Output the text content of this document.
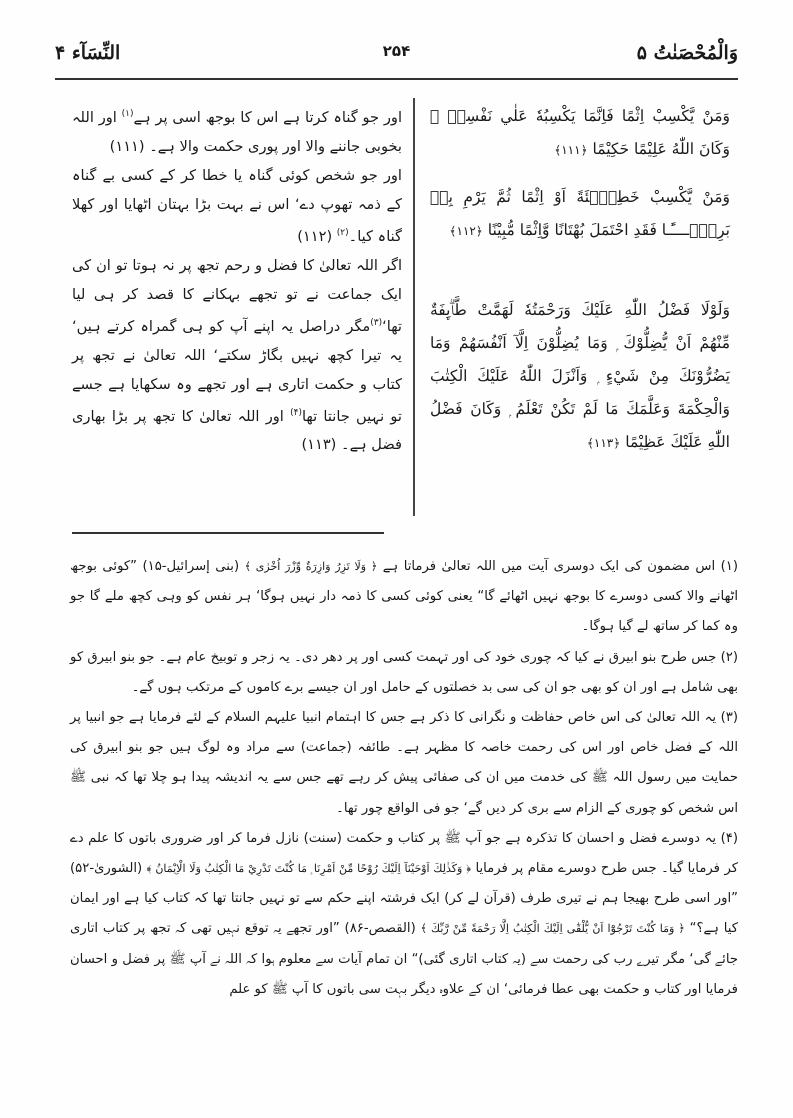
وَالْمُحْصَنٰتُ ۵
۲۵۴
النِّسَآء ۴

وَمَنْ يَّكْسِبْ اِثْمًا فَاِنَّمَا يَكْسِبُهٗ عَلٰي نَفْسِهٖ ۭ وَكَانَ اللّٰهُ عَلِيْمًا حَكِيْمًا ﴿۱۱۱﴾

وَمَنْ يَّكْسِبْ خَطِيْۗئَةً اَوْ اِثْمًا ثُمَّ يَرْمِ بِهٖ بَرِيْۗــــًٔـا فَقَدِ احْتَمَلَ بُهْتَانًا وَّاِثْمًا مُّبِيْنًا ﴿۱۱۲﴾

وَلَوْلَا فَضْلُ اللّٰهِ عَلَيْكَ وَرَحْمَتُهٗ لَهَمَّتْ طَّاۗىِٕفَةٌ مِّنْھُمْ اَنْ يُّضِلُّوْكَ ۭ وَمَا يُضِلُّوْنَ اِلَّآ اَنْفُسَھُمْ وَمَا يَضُرُّوْنَكَ مِنْ شَيْءٍ ۭ وَاَنْزَلَ اللّٰهُ عَلَيْكَ الْكِتٰبَ وَالْحِكْمَةَ وَعَلَّمَكَ مَا لَمْ تَكُنْ تَعْلَمُ ۭ وَكَانَ فَضْلُ اللّٰهِ عَلَيْكَ عَظِيْمًا ﴿۱۱۳﴾

اور جو گناہ کرتا ہے اس کا بوجھ اسی پر ہے$^{(۱)}$ اور اللہ بخوبی جاننے والا اور پوری حکمت والا ہے۔ (۱۱۱)

اور جو شخص کوئی گناہ یا خطا کر کے کسی بے گناہ کے ذمہ تھوپ دے‘ اس نے بہت بڑا بہتان اٹھایا اور کھلا گناہ کیا۔$^{(۲)}$ (۱۱۲)

اگر اللہ تعالیٰ کا فضل و رحم تجھ پر نہ ہوتا تو ان کی ایک جماعت نے تو تجھے بہکانے کا قصد کر ہی لیا تھا‘$^{(۳)}$مگر دراصل یہ اپنے آپ کو ہی گمراہ کرتے ہیں‘ یہ تیرا کچھ نہیں بگاڑ سکتے‘ اللہ تعالیٰ نے تجھ پر کتاب و حکمت اتاری ہے اور تجھے وہ سکھایا ہے جسے تو نہیں جانتا تھا$^{(۴)}$ اور اللہ تعالیٰ کا تجھ پر بڑا بھاری فضل ہے۔ (۱۱۳)

(۱) اس مضمون کی ایک دوسری آیت میں اللہ تعالیٰ فرماتا ہے ﴿ وَلَا تَزِرُ وَازِرَةٌ وِّزْرَ اُخْرٰى ﴾ (بنی إسرائیل-۱۵) ”کوئی بوجھ اٹھانے والا کسی دوسرے کا بوجھ نہیں اٹھائے گا“ یعنی کوئی کسی کا ذمہ دار نہیں ہوگا‘ ہر نفس کو وہی کچھ ملے گا جو وہ کما کر ساتھ لے گیا ہوگا۔

(۲) جس طرح بنو ابیرق نے کیا کہ چوری خود کی اور تہمت کسی اور پر دھر دی۔ یہ زجر و توبیخ عام ہے۔ جو بنو ابیرق کو بھی شامل ہے اور ان کو بھی جو ان کی سی بد خصلتوں کے حامل اور ان جیسے برے کاموں کے مرتکب ہوں گے۔

(۳) یہ اللہ تعالیٰ کی اس خاص حفاظت و نگرانی کا ذکر ہے جس کا اہتمام انبیا علیہم السلام کے لئے فرمایا ہے جو انبیا پر اللہ کے فضل خاص اور اس کی رحمت خاصہ کا مظہر ہے۔ طائفہ (جماعت) سے مراد وہ لوگ ہیں جو بنو ابیرق کی حمایت میں رسول اللہ ﷺ کی خدمت میں ان کی صفائی پیش کر رہے تھے جس سے یہ اندیشہ پیدا ہو چلا تھا کہ نبی ﷺ اس شخص کو چوری کے الزام سے بری کر دیں گے‘ جو فی الواقع چور تھا۔

(۴) یہ دوسرے فضل و احسان کا تذکرہ ہے جو آپ ﷺ پر کتاب و حکمت (سنت) نازل فرما کر اور ضروری باتوں کا علم دے کر فرمایا گیا۔ جس طرح دوسرے مقام پر فرمایا ﴿ وَكَذٰلِكَ اَوْحَيْنَآ اِلَيْكَ رُوْحًا مِّنْ اَمْرِنَا ۭ مَا كُنْتَ تَدْرِيْ مَا الْكِتٰبُ وَلَا الْاِيْمَانُ ﴾ (الشوریٰ-۵۲) ”اور اسی طرح بھیجا ہم نے تیری طرف (قرآن لے کر) ایک فرشتہ اپنے حکم سے تو نہیں جانتا تھا کہ کتاب کیا ہے اور ایمان کیا ہے؟“ ﴿ وَمَا كُنْتَ تَرْجُوْٓا اَنْ يُّلْقٰٓى اِلَيْكَ الْكِتٰبُ اِلَّا رَحْمَةً مِّنْ رَّبِّكَ ﴾ (القصص-۸۶) ”اور تجھے یہ توقع نہیں تھی کہ تجھ پر کتاب اتاری جائے گی‘ مگر تیرے رب کی رحمت سے (یہ کتاب اتاری گئی)“ ان تمام آیات سے معلوم ہوا کہ اللہ نے آپ ﷺ پر فضل و احسان فرمایا اور کتاب و حکمت بھی عطا فرمائی‘ ان کے علاوہ دیگر بہت سی باتوں کا آپ ﷺ کو علم
